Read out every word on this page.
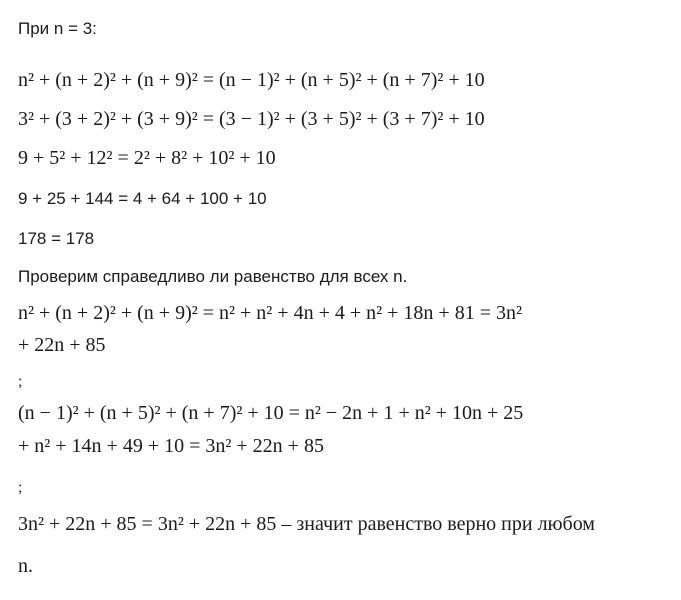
При n = 3:
n² + (n + 2)² + (n + 9)² = (n − 1)² + (n + 5)² + (n + 7)² + 10
3² + (3 + 2)² + (3 + 9)² = (3 − 1)² + (3 + 5)² + (3 + 7)² + 10
9 + 5² + 12² = 2² + 8² + 10² + 10
9 + 25 + 144 = 4 + 64 + 100 + 10
178 = 178
Проверим справедливо ли равенство для всех n.
n² + (n + 2)² + (n + 9)² = n² + n² + 4n + 4 + n² + 18n + 81 = 3n²
+ 22n + 85
;
(n − 1)² + (n + 5)² + (n + 7)² + 10 = n² − 2n + 1 + n² + 10n + 25
+ n² + 14n + 49 + 10 = 3n² + 22n + 85
;
3n² + 22n + 85 = 3n² + 22n + 85 – значит равенство верно при любом
n.
